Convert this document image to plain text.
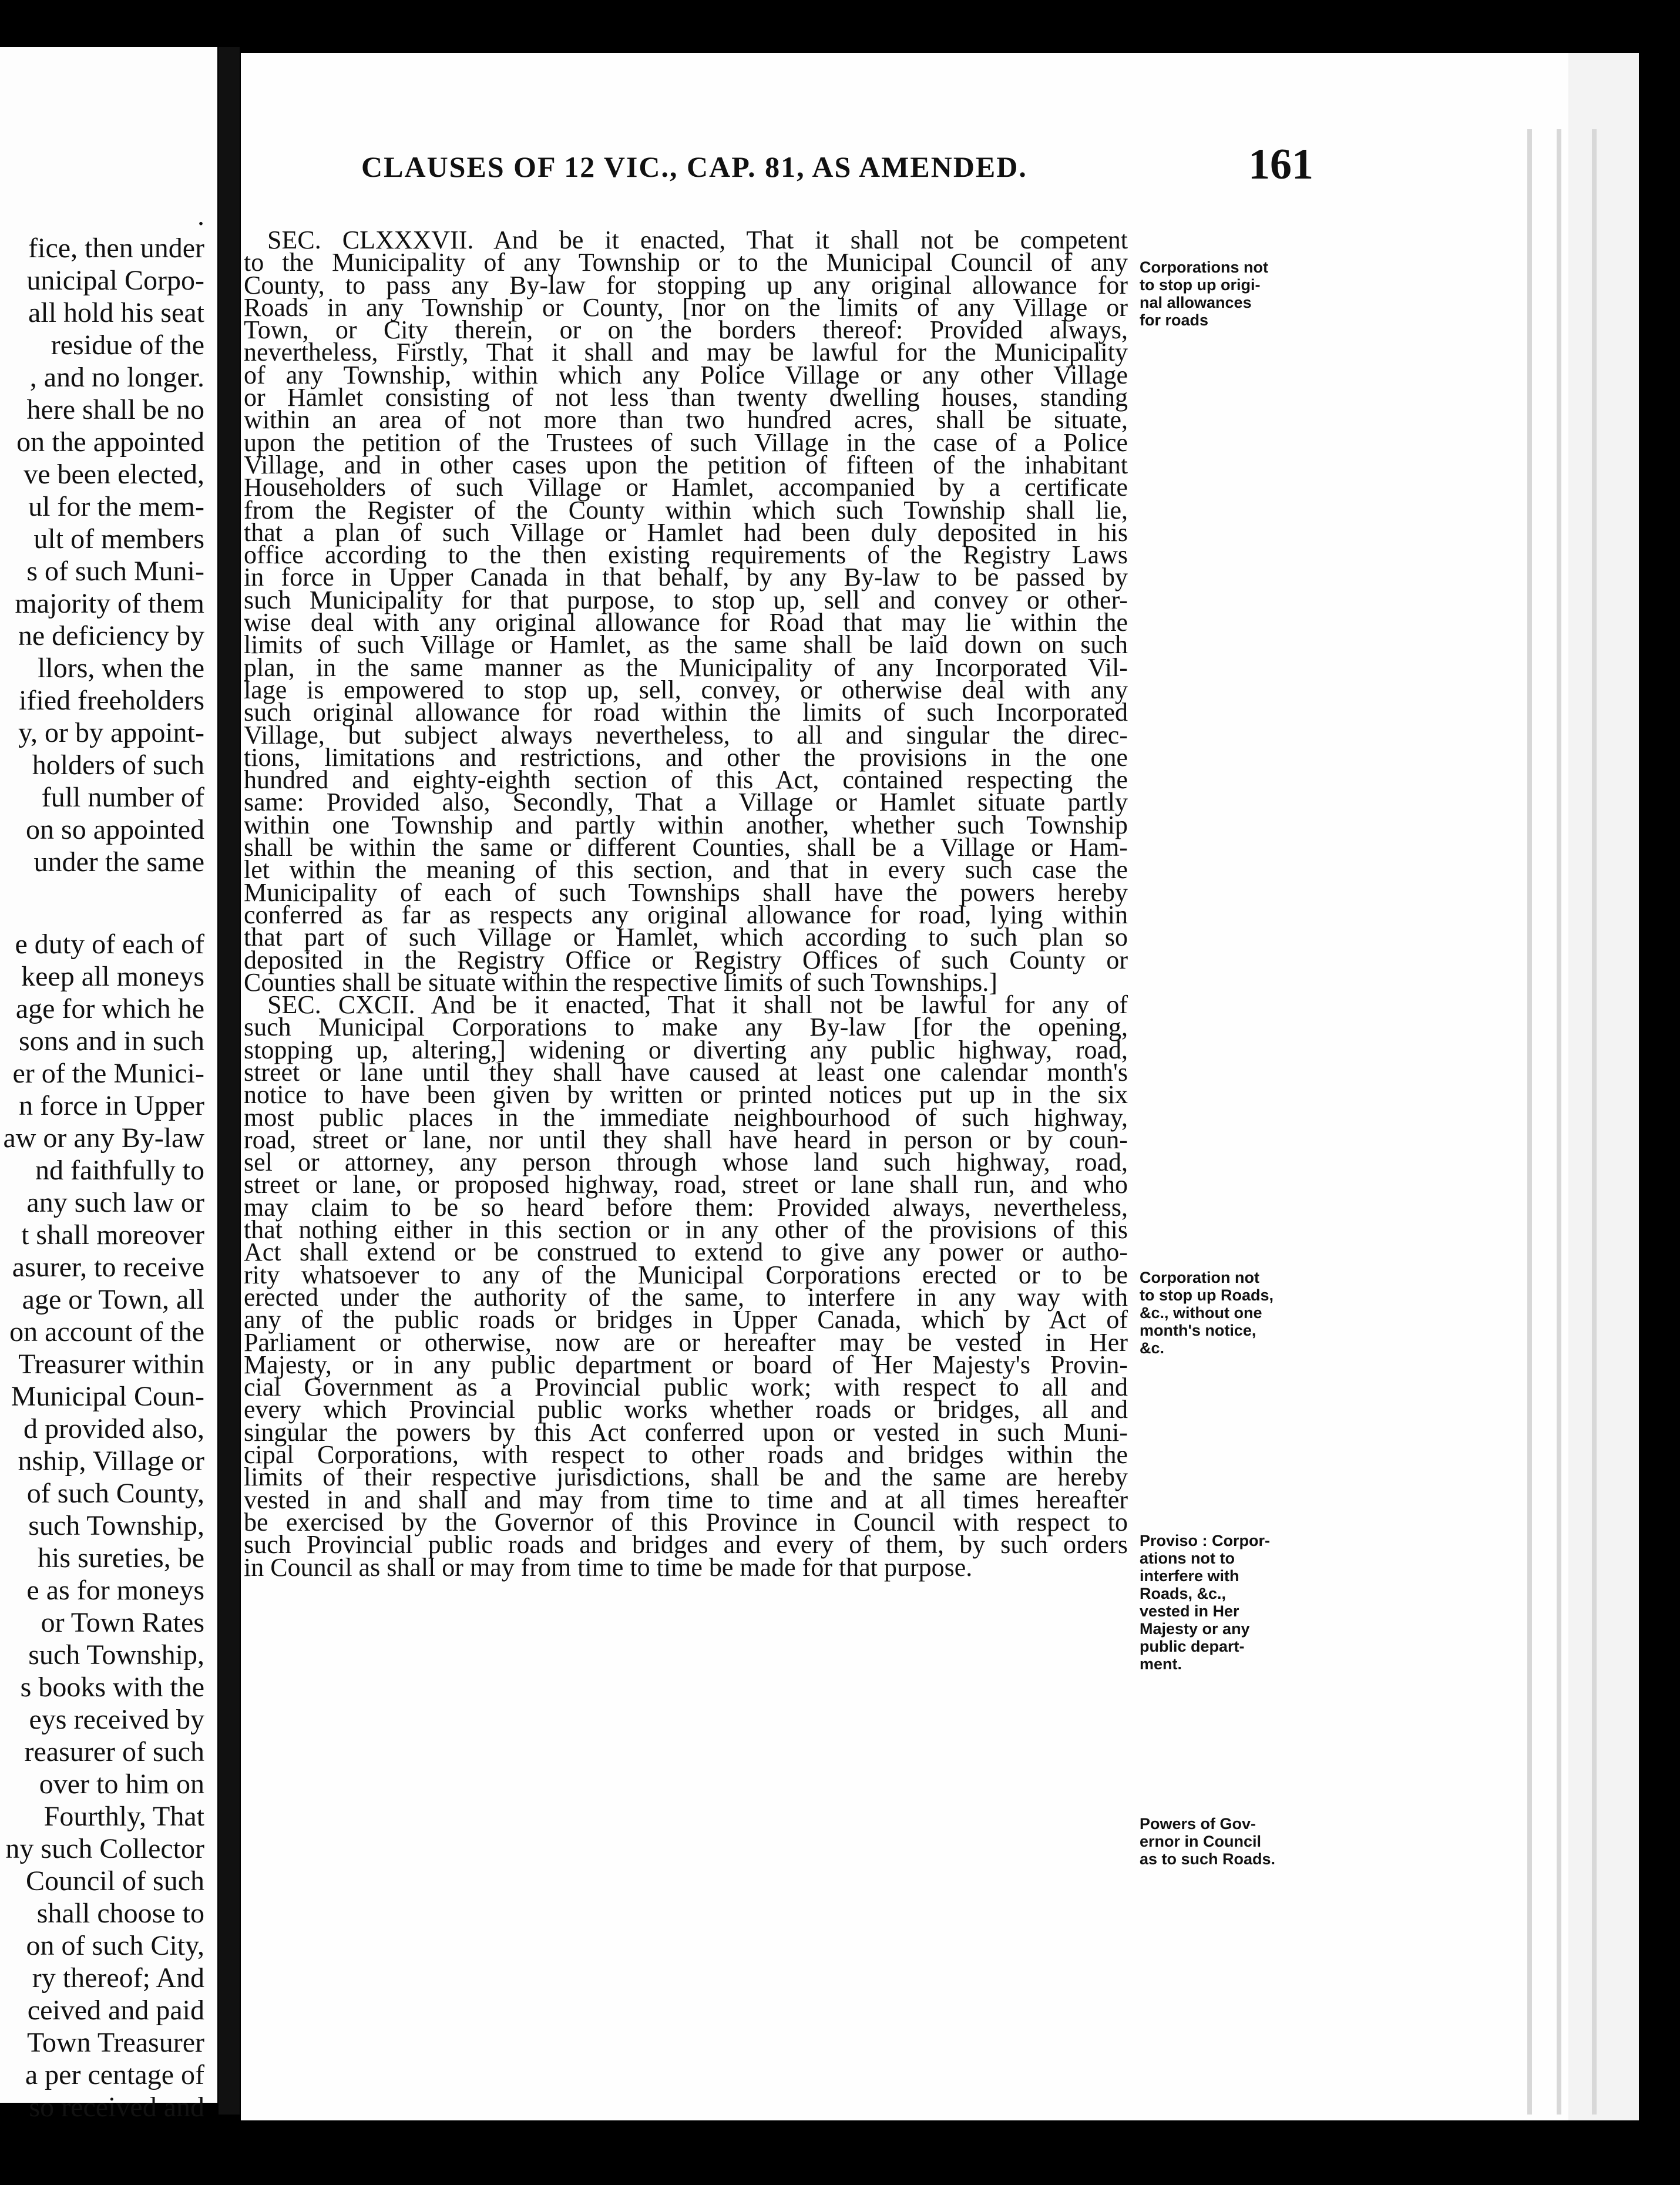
.
fice, then under
unicipal Corpo-
all hold his seat
residue of the
, and no longer.
here shall be no
on the appointed
ve been elected,
ul for the mem-
ult of members
s of such Muni-
majority of them
ne deficiency by
llors, when the
ified freeholders
y, or by appoint-
holders of such
full number of
on so appointed
under the same
e duty of each of
keep all moneys
age for which he
sons and in such
er of the Munici-
n force in Upper
aw or any By-law
nd faithfully to
any such law or
t shall moreover
asurer, to receive
age or Town, all
on account of the
Treasurer within
Municipal Coun-
d provided also,
nship, Village or
of such County,
such Township,
his sureties, be
e as for moneys
or Town Rates
such Township,
s books with the
eys received by
reasurer of such
over to him on
Fourthly, That
ny such Collector
Council of such
shall choose to
on of such City,
ry thereof; And
ceived and paid
Town Treasurer
a per centage of
so received and
CLAUSES OF 12 VIC., CAP. 81, AS AMENDED.	161
SEC. CLXXXVII. And be it enacted, That it shall not be competent
to the Municipality of any Township or to the Municipal Council of any
County, to pass any By-law for stopping up any original allowance for
Roads in any Township or County, [nor on the limits of any Village or
Town, or City therein, or on the borders thereof: Provided always,
nevertheless, Firstly, That it shall and may be lawful for the Municipality
of any Township, within which any Police Village or any other Village
or Hamlet consisting of not less than twenty dwelling houses, standing
within an area of not more than two hundred acres, shall be situate,
upon the petition of the Trustees of such Village in the case of a Police
Village, and in other cases upon the petition of fifteen of the inhabitant
Householders of such Village or Hamlet, accompanied by a certificate
from the Register of the County within which such Township shall lie,
that a plan of such Village or Hamlet had been duly deposited in his
office according to the then existing requirements of the Registry Laws
in force in Upper Canada in that behalf, by any By-law to be passed by
such Municipality for that purpose, to stop up, sell and convey or other-
wise deal with any original allowance for Road that may lie within the
limits of such Village or Hamlet, as the same shall be laid down on such
plan, in the same manner as the Municipality of any Incorporated Vil-
lage is empowered to stop up, sell, convey, or otherwise deal with any
such original allowance for road within the limits of such Incorporated
Village, but subject always nevertheless, to all and singular the direc-
tions, limitations and restrictions, and other the provisions in the one
hundred and eighty-eighth section of this Act, contained respecting the
same: Provided also, Secondly, That a Village or Hamlet situate partly
within one Township and partly within another, whether such Township
shall be within the same or different Counties, shall be a Village or Ham-
let within the meaning of this section, and that in every such case the
Municipality of each of such Townships shall have the powers hereby
conferred as far as respects any original allowance for road, lying within
that part of such Village or Hamlet, which according to such plan so
deposited in the Registry Office or Registry Offices of such County or
Counties shall be situate within the respective limits of such Townships.]
SEC. CXCII. And be it enacted, That it shall not be lawful for any of
such Municipal Corporations to make any By-law [for the opening,
stopping up, altering,] widening or diverting any public highway, road,
street or lane until they shall have caused at least one calendar month's
notice to have been given by written or printed notices put up in the six
most public places in the immediate neighbourhood of such highway,
road, street or lane, nor until they shall have heard in person or by coun-
sel or attorney, any person through whose land such highway, road,
street or lane, or proposed highway, road, street or lane shall run, and who
may claim to be so heard before them: Provided always, nevertheless,
that nothing either in this section or in any other of the provisions of this
Act shall extend or be construed to extend to give any power or autho-
rity whatsoever to any of the Municipal Corporations erected or to be
erected under the authority of the same, to interfere in any way with
any of the public roads or bridges in Upper Canada, which by Act of
Parliament or otherwise, now are or hereafter may be vested in Her
Majesty, or in any public department or board of Her Majesty's Provin-
cial Government as a Provincial public work; with respect to all and
every which Provincial public works whether roads or bridges, all and
singular the powers by this Act conferred upon or vested in such Muni-
cipal Corporations, with respect to other roads and bridges within the
limits of their respective jurisdictions, shall be and the same are hereby
vested in and shall and may from time to time and at all times hereafter
be exercised by the Governor of this Province in Council with respect to
such Provincial public roads and bridges and every of them, by such orders
in Council as shall or may from time to time be made for that purpose.
Corporations not
to stop up origi-
nal allowances
for roads
Corporation not
to stop up Roads,
&c., without one
month's notice,
&c.
Proviso : Corpor-
ations not to
interfere with
Roads, &c.,
vested in Her
Majesty or any
public depart-
ment.
Powers of Gov-
ernor in Council
as to such Roads.
